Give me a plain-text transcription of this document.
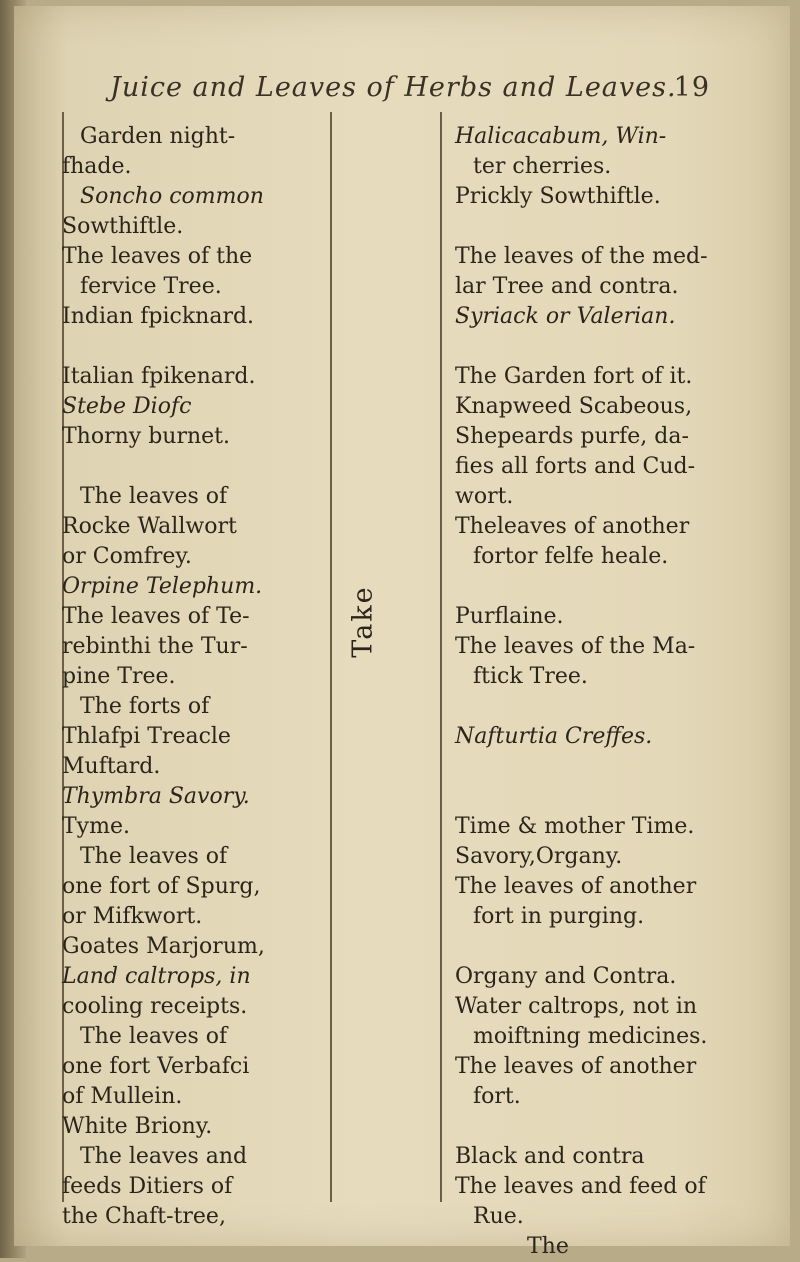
Juice and Leaves of Herbs and Leaves.
19

Garden night-

fhade.

Soncho common

Sowthiftle.

The leaves of the

fervice Tree.

Indian fpicknard.

Italian fpikenard.

Stebe Diofc

Thorny burnet.

The leaves of

Rocke Wallwort

or Comfrey.

Orpine Telephum.

The leaves of Te-

rebinthi the Tur-

pine Tree.

The forts of

Thlafpi Treacle

Muftard.

Thymbra Savory.

Tyme.

The leaves of

one fort of Spurg,

or Mifkwort.

Goates Marjorum,

Land caltrops, in

cooling receipts.

The leaves of

one fort Verbafci

of Mullein.

White Briony.

The leaves and

feeds Ditiers of

the Chaft-tree,

Take

Halicacabum, Win-

ter cherries.

Prickly Sowthiftle.

The leaves of the med-

lar Tree and contra.

Syriack or Valerian.

The Garden fort of it.

Knapweed Scabeous,

Shepeards purfe, da-

fies all forts and Cud-

wort.

Theleaves of another

fortor felfe heale.

Purflaine.

The leaves of the Ma-

ftick Tree.

Nafturtia Creffes.

Time & mother Time.

Savory,Organy.

The leaves of another

fort in purging.

Organy and Contra.

Water caltrops, not in

moiftning medicines.

The leaves of another

fort.

Black and contra

The leaves and feed of

Rue.

The
